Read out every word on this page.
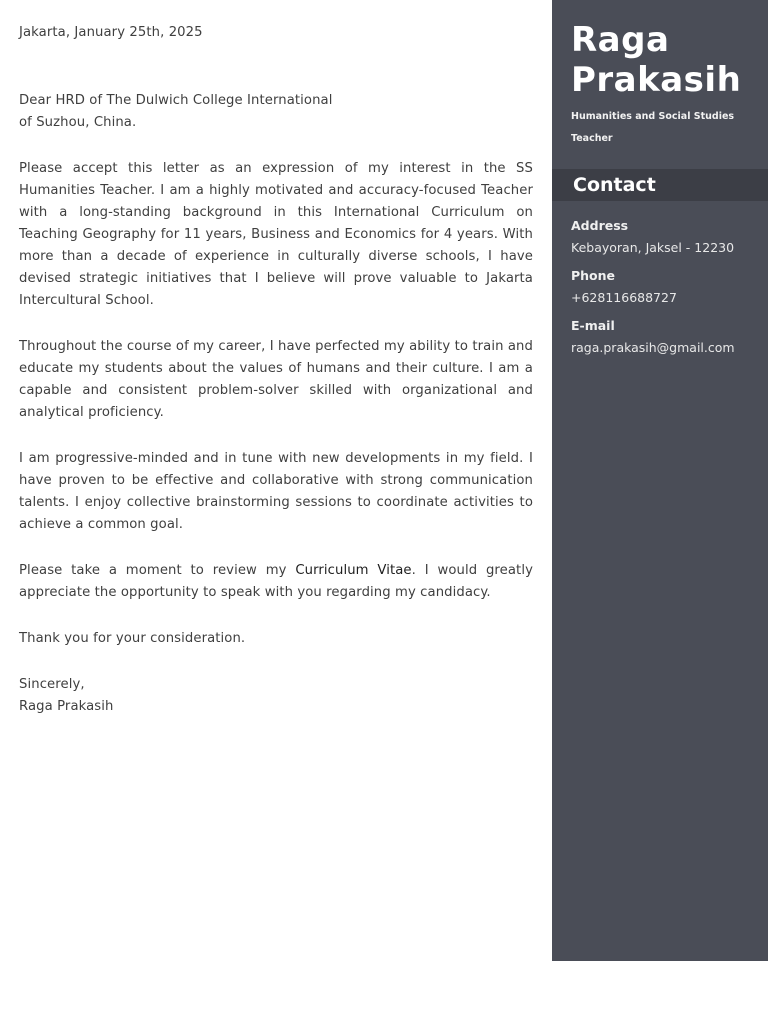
Jakarta, January 25th, 2025

Dear HRD of The Dulwich College International
of Suzhou, China.

Please accept this letter as an expression of my interest in the SS Humanities Teacher. I am a highly motivated and accuracy-focused Teacher with a long-standing background in this International Curriculum on Teaching Geography for 11 years, Business and Economics for 4 years. With more than a decade of experience in culturally diverse schools, I have devised strategic initiatives that I believe will prove valuable to Jakarta Intercultural School.

Throughout the course of my career, I have perfected my ability to train and educate my students about the values of humans and their culture. I am a capable and consistent problem-solver skilled with organizational and analytical proficiency.

I am progressive-minded and in tune with new developments in my field. I have proven to be effective and collaborative with strong communication talents. I enjoy collective brainstorming sessions to coordinate activities to achieve a common goal.

Please take a moment to review my Curriculum Vitae. I would greatly appreciate the opportunity to speak with you regarding my candidacy.

Thank you for your consideration.

Sincerely,

Raga Prakasih

Raga
Prakasih
Humanities and Social Studies Teacher
Contact
Address
Kebayoran, Jaksel - 12230
Phone
+628116688727
E-mail
raga.prakasih@gmail.com
